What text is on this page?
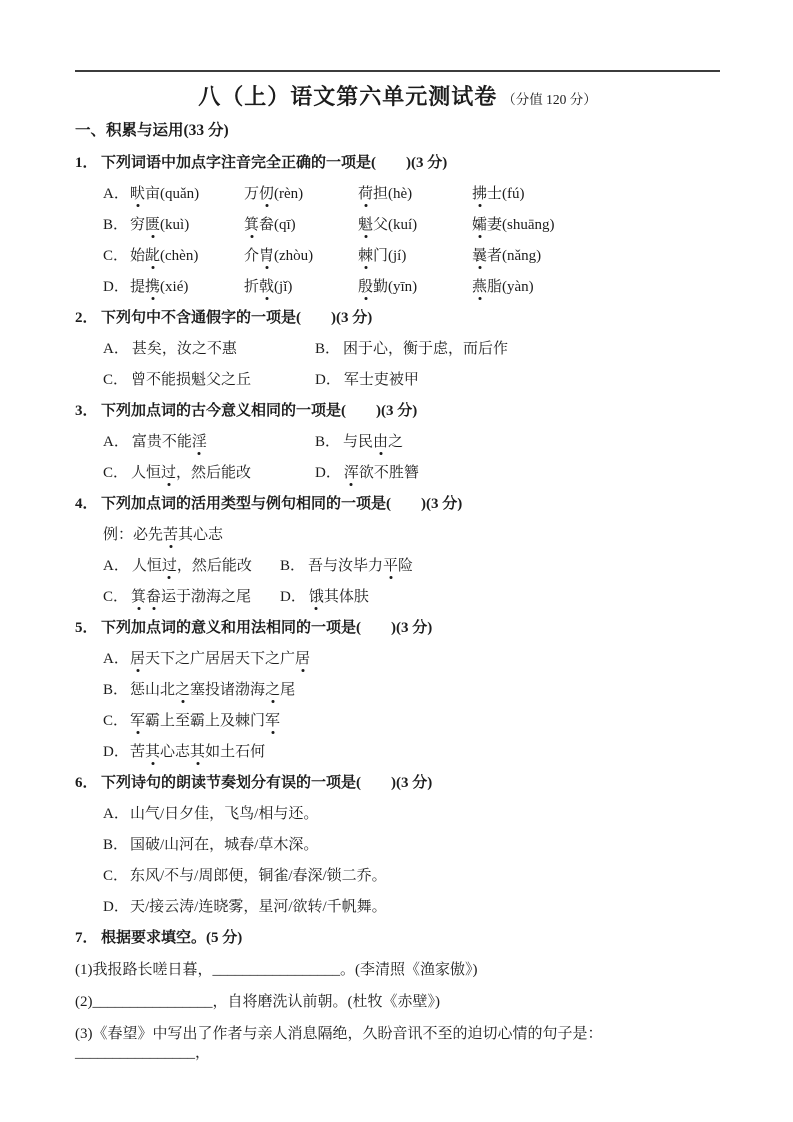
八（上）语文第六单元测试卷 （分值 120 分）
一、积累与运用(33 分)
1． 下列词语中加点字注音完全正确的一项是(　　)(3 分)
A． 畎亩(quǎn)	万仞(rèn)	荷担(hè)	拂士(fú)
B． 穷匮(kuì)	箕畚(qī)	魁父(kuí)	孀妻(shuāng)
C． 始龀(chèn)	介胄(zhòu)	棘门(jí)	曩者(nǎng)
D． 提携(xié)	折戟(jǐ)	殷勤(yīn)	燕脂(yàn)
2． 下列句中不含通假字的一项是(　　)(3 分)
A． 甚矣，汝之不惠	B． 困于心，衡于虑，而后作
C． 曾不能损魁父之丘	D． 军士吏被甲
3． 下列加点词的古今意义相同的一项是(　　)(3 分)
A． 富贵不能淫	B． 与民由之
C． 人恒过，然后能改	D． 浑欲不胜簪
4． 下列加点词的活用类型与例句相同的一项是(　　)(3 分)
例：必先苦其心志
A． 人恒过，然后能改 B． 吾与汝毕力平险
C． 箕畚运于渤海之尾 D． 饿其体肤
5． 下列加点词的意义和用法相同的一项是(　　)(3 分)
A． 居天下之广居 居天下之广居
B． 惩山北之塞 投诸渤海之尾
C． 军霸上 至霸上及棘门军
D． 苦其心志 其如土石何
6． 下列诗句的朗读节奏划分有误的一项是(　　)(3 分)
A． 山气/日夕佳，飞鸟/相与还。
B． 国破/山河在，城春/草木深。
C． 东风/不与/周郎便，铜雀/春深/锁二乔。
D． 天/接云涛/连晓雾，星河/欲转/千帆舞。
7． 根据要求填空。(5 分)
(1)我报路长嗟日暮，_________________。(李清照《渔家傲》)
(2)________________，自将磨洗认前朝。(杜牧《赤壁》)
(3)《春望》中写出了作者与亲人消息隔绝，久盼音讯不至的迫切心情的句子是：________________，
